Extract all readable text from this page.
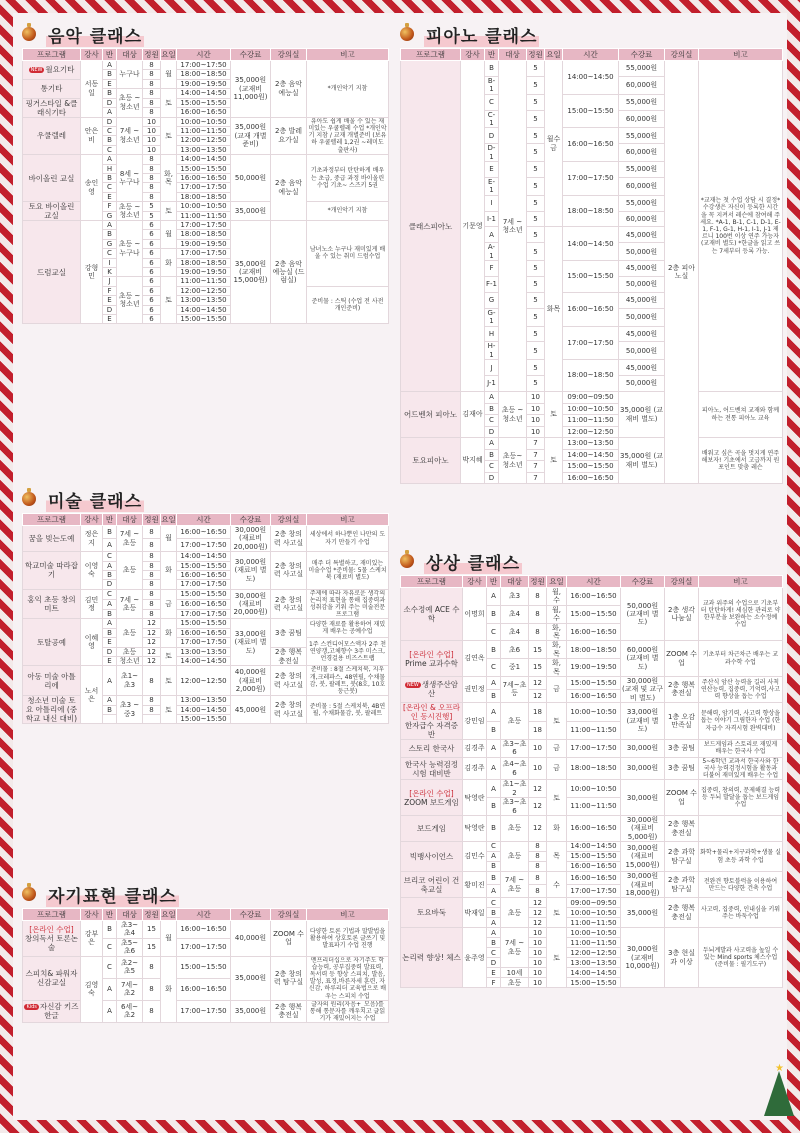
음악 클래스
프로그램	강사	반	대상	정원	요일	시간	수강료	강의실	비고
NEW 월요기타	서동일	A	누구나	8	월	17:00~17:50	35,000원 (교재비 11,000원)	2층 음악예능실	*개인악기 지참
		B		8		18:00~18:50			
통기타		E		8		19:00~19:50			
		B	초등 ~청소년	8	토	14:00~14:50			
핑거스타일 &클래식기타		D		8		15:00~15:50			
		A		8		16:00~16:50			
우쿨렐레	안은비	D	7세 ~청소년	10	토	10:00~10:50	35,000원 (교재 개별준비)	2층 발레요가실	유아도 쉽게 배울 수 있는 재미있는 우쿨렐레 수업 *개인악기 지참 / 교재 개별준비 (보유하 우쿨렐레 1,2권 ~레미도 출판사)
		C		10		11:00~11:50			
		B		10		12:00~12:50			
		C		10		13:00~13:50			
바이올린 교실	송인영	A	8세 ~누구나	8	화, 목	14:00~14:50	50,000원	2층 음악예능실	기초과정부터 탄탄하게 배우는 초급, 중급 과정 바이올린 수업 기초~ 스즈키 5권
		H		8		15:00~15:50			
		B		8		16:00~16:50			
		C		8		17:00~17:50			
		E		8		18:00~18:50			
토요 바이올린 교실		F	초등 ~청소년	5	토	10:00~10:50	35,000원		*개인악기 지참
		G		5		11:00~11:50			
드럼교실	강형민	A	초등 ~누구나	6	월	17:00~17:50	35,000원 (교재비 15,000원)	2층 음악예능실 (드럼실)	남녀노소 누구나 재미있게 배울 수 있는 취미 드럼수업
		B		6		18:00~18:50			
		G		6		19:00~19:50			
		C		6	화	17:00~17:50			
		I		6		18:00~18:50			
		K		6		19:00~19:50			
		J	초등 ~청소년	6	토	11:00~11:50			
		F		6		12:00~12:50			준비물 : 스틱 (수업 전 사전 개인준비)
		E		6		13:00~13:50			
		D		6		14:00~14:50			
		E		6		15:00~15:50			
미술 클래스
프로그램	강사	반	대상	정원	요일	시간	수강료	강의실	비고
꿈을 빚는도예	정은지	B	7세 ~초등	8	월	16:00~16:50	30,000원 (재료비 20,000원)	2층 창의력 사고실	세상에서 하나뿐인 나만의 도자기 만들기 수업
		A		8		17:00~17:50			
학교미술 따라잡기	이영숙	C	초등	8	화	14:00~14:50	30,000원 (재료비 별도)	2층 창의력 사고실	매주 더 특별하고, 재미있는 미술수업 *준비물: 5물 스케치북 (재료비 별도)
		A		8		15:00~15:50			
		B		8		16:00~16:50			
		D		8		17:00~17:50			
홍익 초등 창의미트	김민정	C	7세 ~초등	8	금	15:00~15:50	30,000원 (재료비 20,000원)	2층 창의력 사고실	주제에 따라 자유로운 생각의 논리적 표현을 통해 집중력과 성취감을 키워 주는 미술전문 프로그램
		A		8		16:00~16:50			
		B		8		17:00~17:50			
토탈공예	이혜영	A	초등	12	화	15:00~15:50	33,000원 (재료비 별도)	3층 꿈팀	다양한 재료를 활용하여 재밌게 배우는 공예수업
		B		12		16:00~16:50			
		E		12		17:00~17:50			1주 스컨디어모스액자 2주 천연양갱,고체향수 3주 미스크,언경걸용 비즈스트랩
		D	초등	12	토	13:00~13:50		2층 행복 충전실	
		E	청소년	12		14:00~14:50			
아동 미술 아틀리에	노서은	A	초1~초3	8	토	12:00~12:50	40,000원 (재료비 2,000원)	2층 창의력 사고실	준비물 : 8절 스케치북, 지우개,크레파스, 48연필, 수채물감, 붓, 팔레트, 붓(8호, 10호 둥근붓)
청소년 미술 토요 아틀리에 (중학교 내신 대비)		A	초3 ~중3	8	토	13:00~13:50	45,000원	2층 창의력 사고실	준비물 : 5절 스케치북, 4B연필, 수채화물감, 붓, 팔레트
		B		8		14:00~14:50			
						15:00~15:50			
자기표현 클래스
프로그램	강사	반	대상	정원	요일	시간	수강료	강의실	비고

[온라인 수업]
창의독서 토론논술	강부은	B	초3~초4	15	월	16:00~16:50	40,000원	ZOOM 수업	다양한 토론 기법과 말발법을 활용하여 상호토론 글쓰기 및 발표파기 수업 진행
		C	초5~초6	15		17:00~17:50			
스피치& 파워자신감교실	김영숙	C	초2~초5	8	화	15:00~15:50	35,000원	2층 창의력 탐구실	멘프리더십으로 자기주도 학습능력, 공부집중력 발표력, 독서력 등 향상 스피치, 발음, 발성, 표정,바른자세 훈련, 자신감, 하루리더 교육법으로 배우는 스피치 수업
		A	7세~초2	8		16:00~16:50			
Kids 자신감 키즈 한글		A	6세~초2	8		17:00~17:50	35,000원	2층 행복 충전실	글자의 원리(자음+_모음)를 통해 통문자를 깨우치고 글읽기가 재밌어지는 수업
피아노 클래스
프로그램	강사	반	대상	정원	요일	시간	수강료	강의실	비고
클래스피아노	기문영	B	7세 ~청소년	5	월수금	14:00~14:50	55,000원	2층 피아노실	*교재는 첫 수업 상담 시 결정* 수강생은 자신이 등록한 시간을 꼭 지켜서 레슨에 참여해 주세요. *A-1, B-1, C-1, D-1, E-1, F-1, G-1, H-1, I-1, J-1 제르니 100번 이상 연주 가능자 (교재비 별도) *한글을 읽고 쓰는 7세부터 등록 가능.
		B-1		5			60,000원		
		C		5		15:00~15:50	55,000원		
		C-1		5			60,000원		
		D		5		16:00~16:50	55,000원		
		D-1		5			60,000원		
		E		5		17:00~17:50	55,000원		
		E-1		5			60,000원		
		I		5		18:00~18:50	55,000원		
		I-1		5			60,000원		
		A		5	화목	14:00~14:50	45,000원		
		A-1		5			50,000원		
		F		5		15:00~15:50	45,000원		
		F-1		5			50,000원		
		G		5		16:00~16:50	45,000원		
		G-1		5			50,000원		
		H		5		17:00~17:50	45,000원		
		H-1		5			50,000원		
		J		5		18:00~18:50	45,000원		
		J-1		5			50,000원		
어드벤쳐 피아노	김재아	A	초등 ~청소년	10	토	09:00~09:50	35,000원 (교재비 별도)		피아노, 어드벤쳐 교재와 함께하는 전통 피아노 교육
		B		10		10:00~10:50			
		C		10		11:00~11:50			
		D		10		12:00~12:50			
토요피아노	박지혜	A	초등~ 청소년	7	토	13:00~13:50	35,000원 (교재비 별도)		배워고 싶은 곡을 멋지게 연주해보자! 기초에서 고급까지 원 포인트 맞춤 레슨
		B		7		14:00~14:50			
		C		7		15:00~15:50			
		D		7		16:00~16:50			
상상 클래스
프로그램	강사	반	대상	정원	요일	시간	수강료	강의실	비고
소수정예 ACE 수학	이명희	A	초3	8	월, 수	16:00~16:50	50,000원 (교재비 별도)	2층 생각나눔실	교과 위주의 수업으로 기초부터 탄탄하게! 세심한 관리로 약한부분을 보완하는 소수정예 수업
		B	초4	8	월, 수	15:00~15:50			
		C	초4	8	화, 목	16:00~16:50			

[온라인 수업]
Prime 교과수학	김연옥	B	초6	15	화, 목	18:00~18:50	60,000원 (교재비 별도)	ZOOM 수업	기초부터 차근차근 배우는 교과수학 수업
		C	중1	15	화, 목	19:00~19:50			
NEW 생생주산암산	권민정	A	7세~초등	12	금	15:00~15:50	30,000원 (교재 및 교구비 별도)	2층 행복충전실	주산식 암산 능력을 길러 사칙연산능력, 집중력, 기억력,사고력 향상을 돕는 수업
		B		12		16:00~16:50			

[온라인 & 오프라인 동시진행]
한자급수 자격증반	강민임	A	초등	18	토	10:00~10:50	33,000원 (교재비 별도)	1층 오감 만족실	문해력, 암기력, 사고력 향상을 돕는 이야기 그림한자 수업 (한자급수 자격시험 완벽대비)
		B		18		11:00~11:50			
스토리 한국사	김경주	A	초3~초6	10	금	17:00~17:50	30,000원	3층 꿈팀	보드게임과 스토리로 재밌게 배우는 한국사 수업
한국사 능력검정 시험 대비반	김경주	A	초4~초6	10	금	18:00~18:50	30,000원	3층 꿈팀	5~6학년 교과서 한국사와 한국사 능력검정시험을 활동과 더불어 재미있게 배우는 수업

[온라인 수업]
ZOOM 보드게임	탁영란	A	초1~초2	12	토	10:00~10:50	30,000원	ZOOM 수업	집중력, 창의력, 문제해결 능력 등 두뇌 발달을 돕는 보드게임 수업
		B	초3~초6	12		11:00~11:50			
보드게임	탁영란	B	초등	12	화	16:00~16:50	30,000원 (재료비 5,000원)	2층 행복 충전실	
빅뱅사이언스	김민수	C	초등	8	목	14:00~14:50	30,000원 (재료비 15,000원)	2층 과학 탐구실	화학+물리+지구과학+생물 실험 초등 과학 수업
		A		8		15:00~15:50			
		B		8		16:00~16:50			
브리코 어린이 건축교실	황미진	B	7세 ~초등	8	수	16:00~16:50	30,000원 (재료비 18,000원)	2층 과학탐구실	전완견 향토블럭을 이용하여 만드는 다양한 건축 수업
		A		8		17:00~17:50			
토요바둑	박재일	C	초등	12	토	09:00~09:50	35,000원	2층 행복충전실	사고력, 집중력, 인내심을 키워주는 바둑수업
		B		12		10:00~10:50			
		A		12		11:00~11:50			
논리력 향상! 체스	윤주영	A	7세 ~초등	10	토	10:00~10:50	30,000원 (교재비 10,000원)	3층 현실과 이상	두뇌계발과 사고력을 높일 수 있는 Mind sports 체스수업 (준비물 : 필기도구)
		B		10		11:00~11:50			
		C		10		12:00~12:50			
		D		10		13:00~13:50			
		E	10세	10		14:00~14:50			
		F	초등	10		15:00~15:50			
★
